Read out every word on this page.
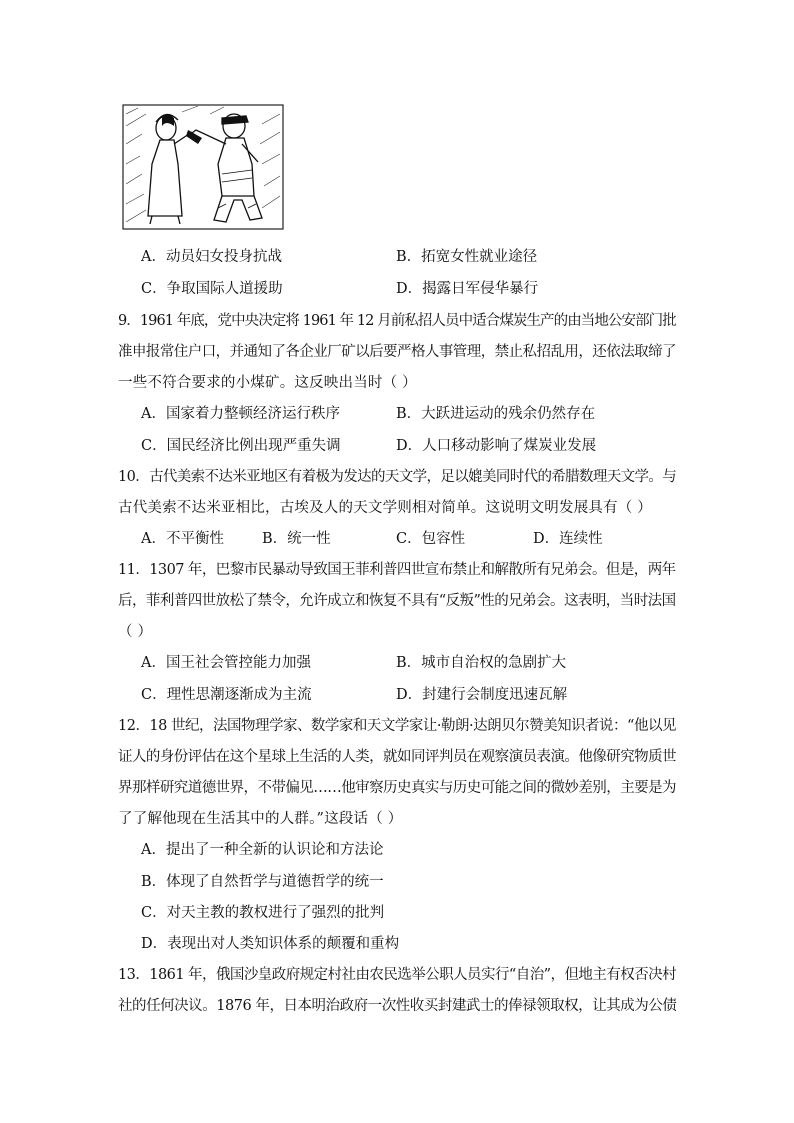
A．动员妇女投身抗战	B．拓宽女性就业途径
C．争取国际人道援助	D．揭露日军侵华暴行
9．1961 年底，党中央决定将 1961 年 12 月前私招人员中适合煤炭生产的由当地公安部门批
准申报常住户口，并通知了各企业厂矿以后要严格人事管理，禁止私招乱用，还依法取缔了
一些不符合要求的小煤矿。这反映出当时（ ）
A．国家着力整顿经济运行秩序	B．大跃进运动的残余仍然存在
C．国民经济比例出现严重失调	D．人口移动影响了煤炭业发展
10．古代美索不达米亚地区有着极为发达的天文学，足以媲美同时代的希腊数理天文学。与
古代美索不达米亚相比，古埃及人的天文学则相对简单。这说明文明发展具有（ ）
A．不平衡性	B．统一性	C．包容性	D．连续性
11．1307 年，巴黎市民暴动导致国王菲利普四世宣布禁止和解散所有兄弟会。但是，两年
后，菲利普四世放松了禁令，允许成立和恢复不具有“反叛”性的兄弟会。这表明，当时法国
（ ）
A．国王社会管控能力加强	B．城市自治权的急剧扩大
C．理性思潮逐渐成为主流	D．封建行会制度迅速瓦解
12．18 世纪，法国物理学家、数学家和天文学家让·勒朗·达朗贝尔赞美知识者说：“他以见
证人的身份评估在这个星球上生活的人类，就如同评判员在观察演员表演。他像研究物质世
界那样研究道德世界，不带偏见……他审察历史真实与历史可能之间的微妙差别，主要是为
了了解他现在生活其中的人群。”这段话（ ）
A．提出了一种全新的认识论和方法论
B．体现了自然哲学与道德哲学的统一
C．对天主教的教权进行了强烈的批判
D．表现出对人类知识体系的颠覆和重构
13．1861 年，俄国沙皇政府规定村社由农民选举公职人员实行“自治”，但地主有权否决村
社的任何决议。1876 年，日本明治政府一次性收买封建武士的俸禄领取权，让其成为公债
